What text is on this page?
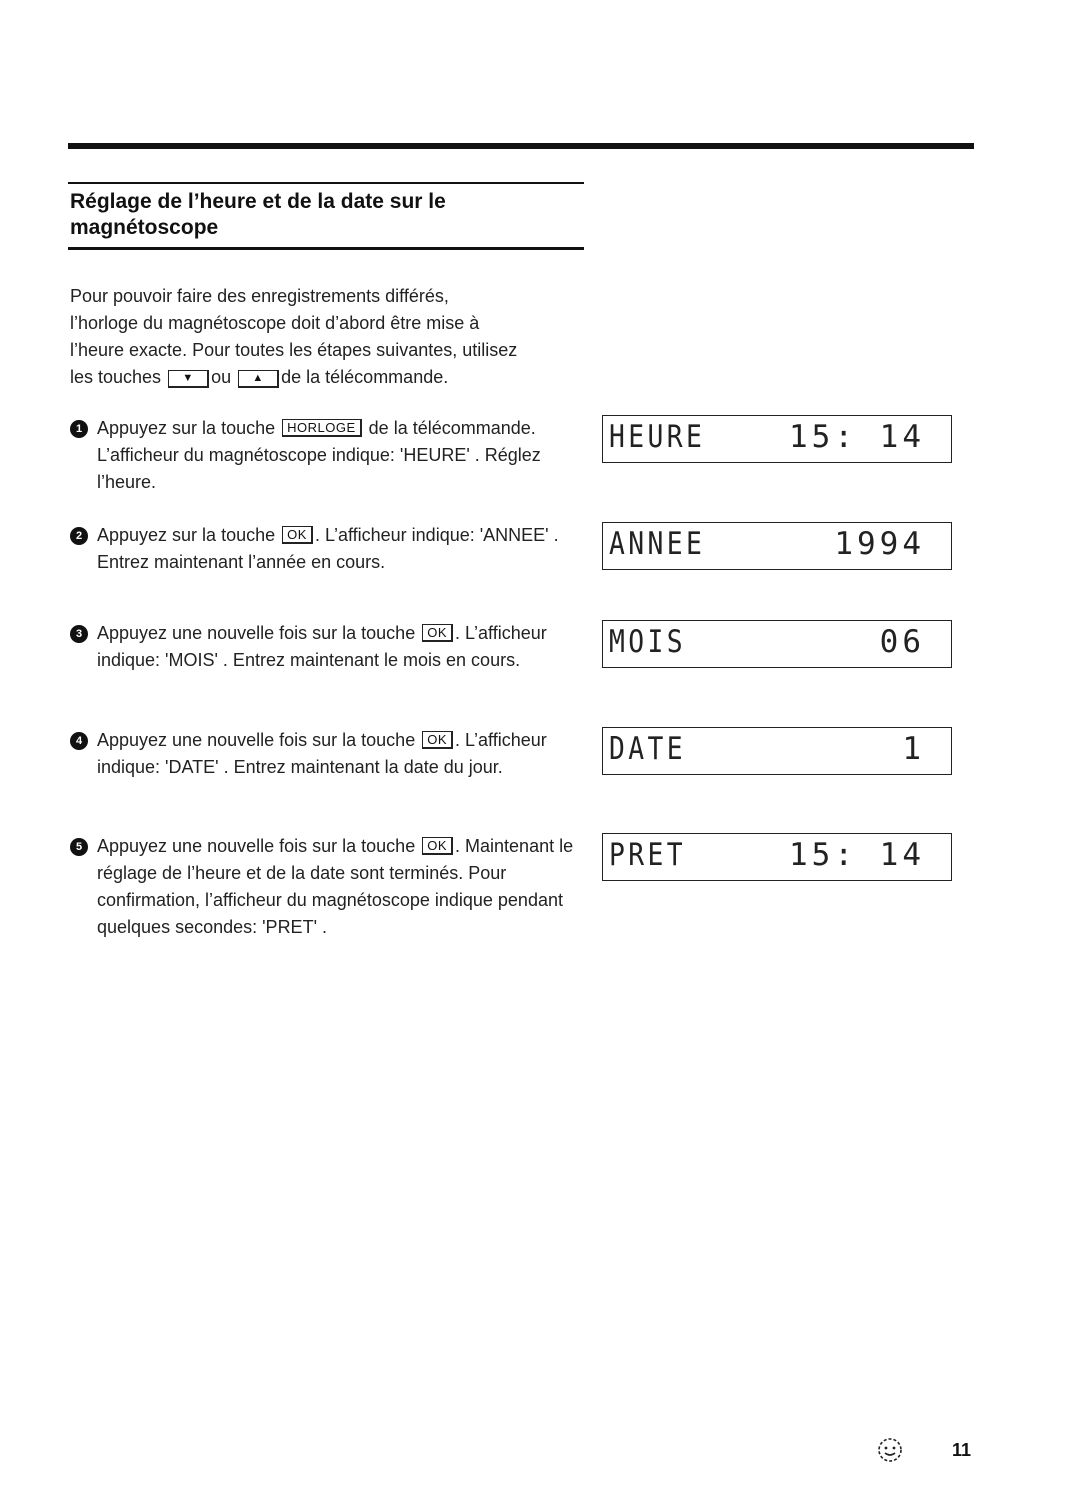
Réglage de l’heure et de la date sur le magnétoscope
Pour pouvoir faire des enregistrements différés,
l’horloge du magnétoscope doit d’abord être mise à
l’heure exacte. Pour toutes les étapes suivantes, utilisez
les touches ▼ ou ▲ de la télécommande.
1 Appuyez sur la touche HORLOGE de la télécommande. L’afficheur du magnétoscope indique: 'HEURE' . Réglez l’heure.
2 Appuyez sur la touche OK . L’afficheur indique: 'ANNEE' . Entrez maintenant l’année en cours.
3 Appuyez une nouvelle fois sur la touche OK . L’afficheur indique: 'MOIS' . Entrez maintenant le mois en cours.
4 Appuyez une nouvelle fois sur la touche OK . L’afficheur indique: 'DATE' . Entrez maintenant la date du jour.
5 Appuyez une nouvelle fois sur la touche OK . Maintenant le réglage de l’heure et de la date sont terminés. Pour confirmation, l’afficheur du magnétoscope indique pendant quelques secondes: 'PRET' .
HEURE	15: 14
ANNEE	1994
MOIS	06
DATE	1
PRET	15: 14
11
